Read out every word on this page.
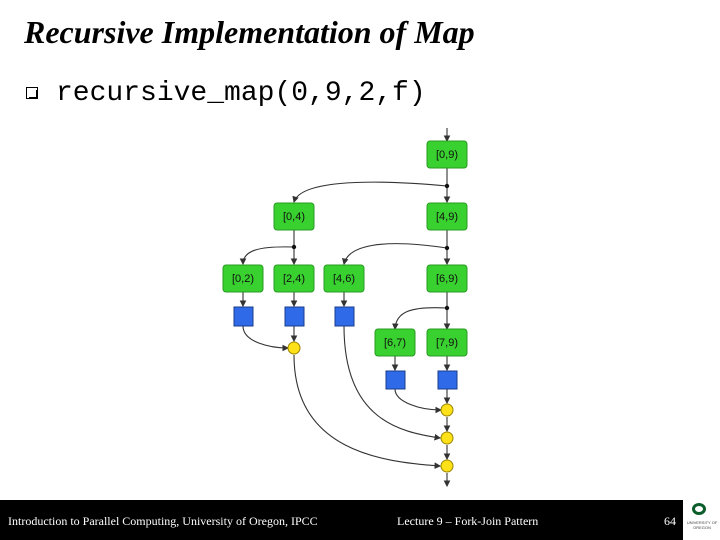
Recursive Implementation of Map
recursive_map(0,9,2,f)
[0,9)
[0,4)	[4,9)
[0,2)	[2,4)	[4,6)	[6,9)
[6,7)	[7,9)
Introduction to Parallel Computing, University of Oregon, IPCC	Lecture 9 – Fork-Join Pattern	64	UNIVERSITY OF OREGON
